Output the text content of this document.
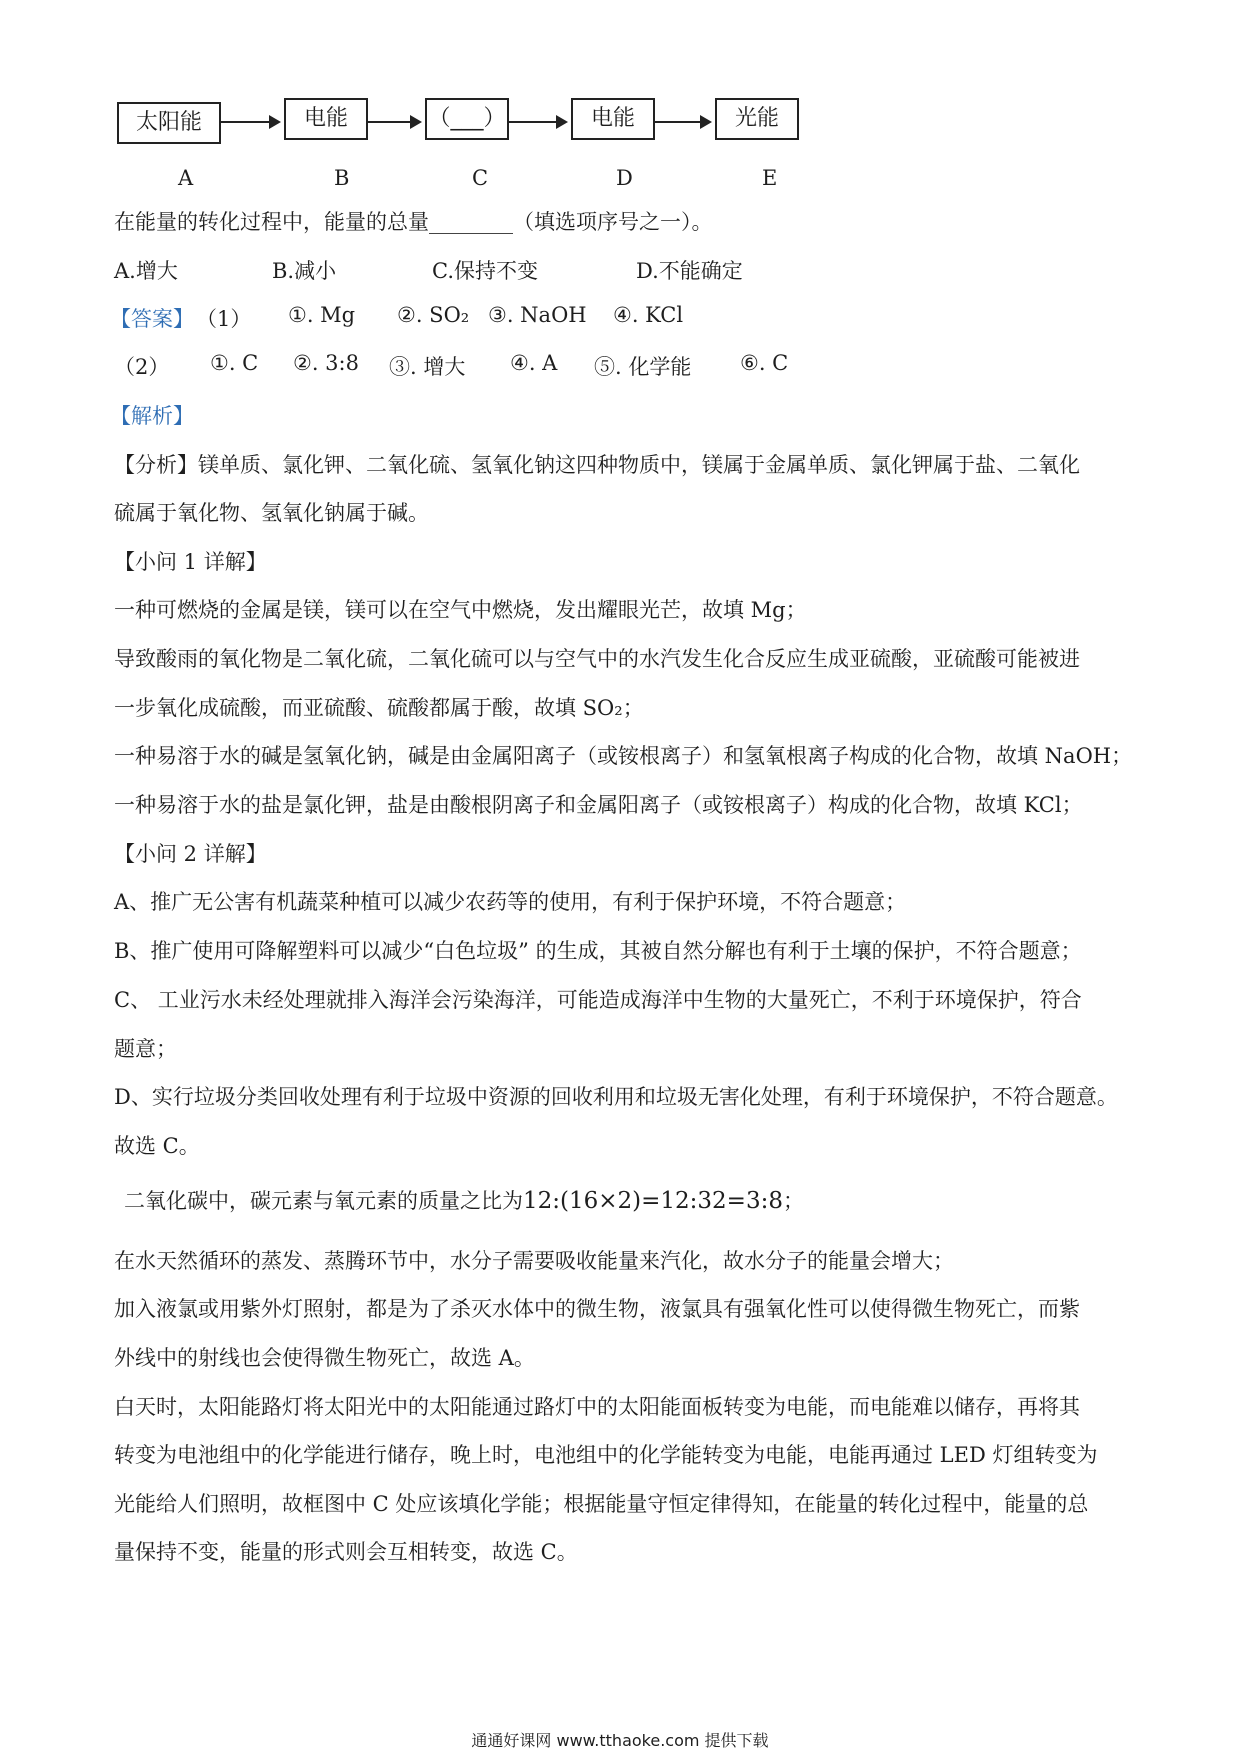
太阳能	电能	（___）	电能	光能
A	B	C	D	E
在能量的转化过程中，能量的总量________（填选项序号之一）。
A.增大	B.减小	C.保持不变	D.不能确定
【答案】 （1） ①. Mg ②. SO₂ ③. NaOH ④. KCl
（2） ①. C ②. 3:8 ③. 增大 ④. A ⑤. 化学能 ⑥. C
【解析】
【分析】镁单质、氯化钾、二氧化硫、氢氧化钠这四种物质中，镁属于金属单质、氯化钾属于盐、二氧化
硫属于氧化物、氢氧化钠属于碱。
【小问 1 详解】
一种可燃烧的金属是镁，镁可以在空气中燃烧，发出耀眼光芒，故填 Mg；
导致酸雨的氧化物是二氧化硫，二氧化硫可以与空气中的水汽发生化合反应生成亚硫酸，亚硫酸可能被进
一步氧化成硫酸，而亚硫酸、硫酸都属于酸，故填 SO₂；
一种易溶于水的碱是氢氧化钠，碱是由金属阳离子（或铵根离子）和氢氧根离子构成的化合物，故填 NaOH；
一种易溶于水的盐是氯化钾，盐是由酸根阴离子和金属阳离子（或铵根离子）构成的化合物，故填 KCl；
【小问 2 详解】
A、推广无公害有机蔬菜种植可以减少农药等的使用，有利于保护环境，不符合题意；
B、推广使用可降解塑料可以减少“白色垃圾” 的生成，其被自然分解也有利于土壤的保护，不符合题意；
C、 工业污水未经处理就排入海洋会污染海洋，可能造成海洋中生物的大量死亡，不利于环境保护，符合
题意；
D、实行垃圾分类回收处理有利于垃圾中资源的回收利用和垃圾无害化处理，有利于环境保护，不符合题意。
故选 C。
二氧化碳中，碳元素与氧元素的质量之比为12:(16×2)=12:32=3:8；
在水天然循环的蒸发、蒸腾环节中，水分子需要吸收能量来汽化，故水分子的能量会增大；
加入液氯或用紫外灯照射，都是为了杀灭水体中的微生物，液氯具有强氧化性可以使得微生物死亡，而紫
外线中的射线也会使得微生物死亡，故选 A。
白天时，太阳能路灯将太阳光中的太阳能通过路灯中的太阳能面板转变为电能，而电能难以储存，再将其
转变为电池组中的化学能进行储存，晚上时，电池组中的化学能转变为电能，电能再通过 LED 灯组转变为
光能给人们照明，故框图中 C 处应该填化学能；根据能量守恒定律得知，在能量的转化过程中，能量的总
量保持不变，能量的形式则会互相转变，故选 C。
通通好课网 www.tthaoke.com 提供下载
